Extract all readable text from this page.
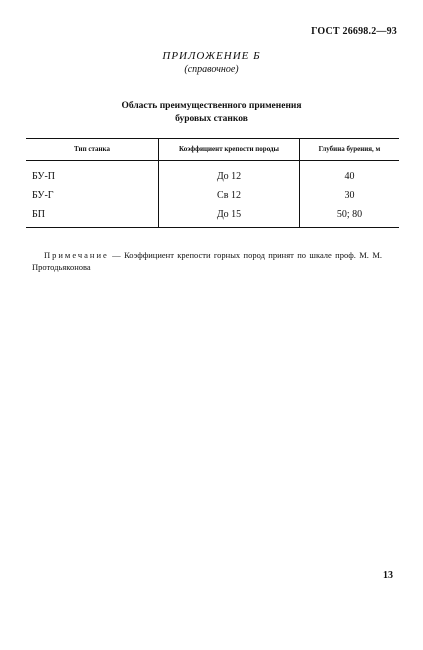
ГОСТ 26698.2—93
ПРИЛОЖЕНИЕ Б
(справочное)
Область преимущественного применения
буровых станков
Тип станка	Коэффициент крепости породы	Глубина бурения, м
БУ-П	До 12	40
БУ-Г	Св 12	30
БП	До 15	50; 80
Примечание — Коэффициент крепости горных пород принят по шкале проф. М. М. Протодьяконова
13
